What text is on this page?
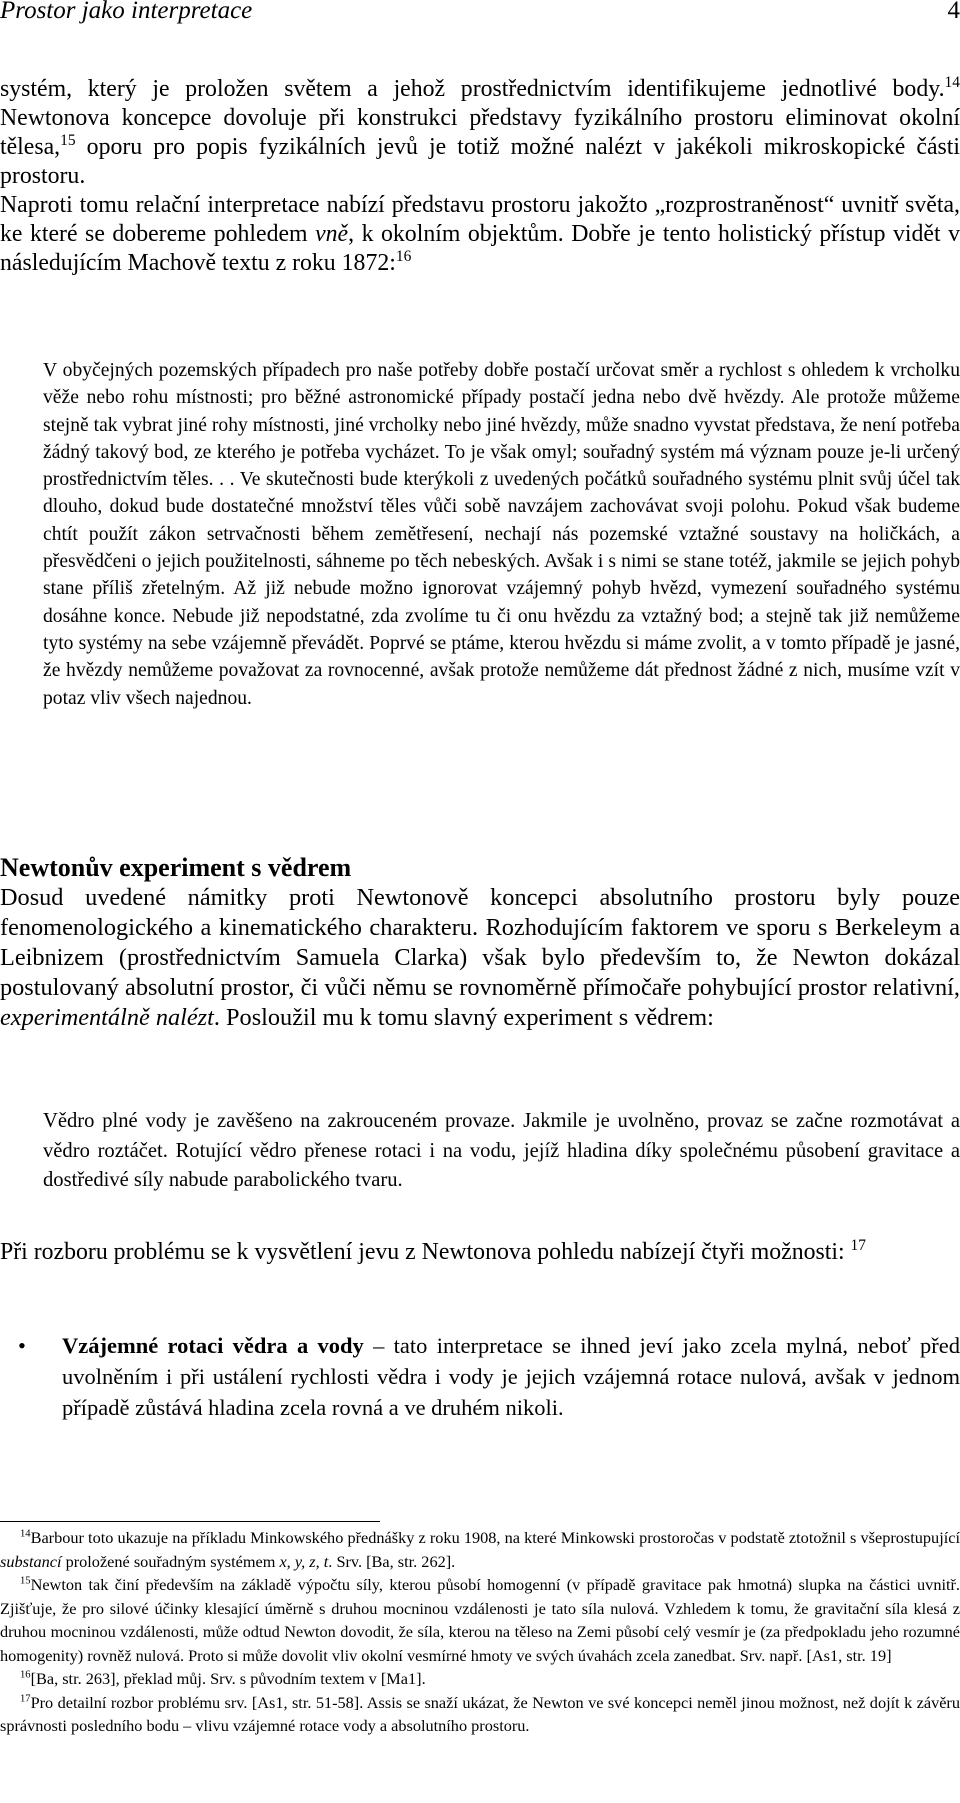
Prostor jako interpretace	4

systém, který je proložen světem a jehož prostřednictvím identifikujeme jednotlivé body.$^{14}$ Newtonova koncepce dovoluje při konstrukci představy fyzikálního prostoru eliminovat okolní tělesa,$^{15}$ oporu pro popis fyzikálních jevů je totiž možné nalézt v jakékoli mikroskopické části prostoru.

Naproti tomu relační interpretace nabízí představu prostoru jakožto „rozprostraněnost“ uvnitř světa, ke které se dobereme pohledem vně, k okolním objektům. Dobře je tento holistický přístup vidět v následujícím Machově textu z roku 1872:$^{16}$

V obyčejných pozemských případech pro naše potřeby dobře postačí určovat směr a rychlost s ohledem k vrcholku věže nebo rohu místnosti; pro běžné astronomické případy postačí jedna nebo dvě hvězdy. Ale protože můžeme stejně tak vybrat jiné rohy místnosti, jiné vrcholky nebo jiné hvězdy, může snadno vyvstat představa, že není potřeba žádný takový bod, ze kterého je potřeba vycházet. To je však omyl; souřadný systém má význam pouze je-li určený prostřednictvím těles. . . Ve skutečnosti bude kterýkoli z uvedených počátků souřadného systému plnit svůj účel tak dlouho, dokud bude dostatečné množství těles vůči sobě navzájem zachovávat svoji polohu. Pokud však budeme chtít použít zákon setrvačnosti během zemětřesení, nechají nás pozemské vztažné soustavy na holičkách, a přesvědčeni o jejich použitelnosti, sáhneme po těch nebeských. Avšak i s nimi se stane totéž, jakmile se jejich pohyb stane příliš zřetelným. Až již nebude možno ignorovat vzájemný pohyb hvězd, vymezení souřadného systému dosáhne konce. Nebude již nepodstatné, zda zvolíme tu či onu hvězdu za vztažný bod; a stejně tak již nemůžeme tyto systémy na sebe vzájemně převádět. Poprvé se ptáme, kterou hvězdu si máme zvolit, a v tomto případě je jasné, že hvězdy nemůžeme považovat za rovnocenné, avšak protože nemůžeme dát přednost žádné z nich, musíme vzít v potaz vliv všech najednou.
Newtonův experiment s vědrem

Dosud uvedené námitky proti Newtonově koncepci absolutního prostoru byly pouze fenomenologického a kinematického charakteru. Rozhodujícím faktorem ve sporu s Berkeleym a Leibnizem (prostřednictvím Samuela Clarka) však bylo především to, že Newton dokázal postulovaný absolutní prostor, či vůči němu se rovnoměrně přímočaře pohybující prostor relativní, experimentálně nalézt. Posloužil mu k tomu slavný experiment s vědrem:

Vědro plné vody je zavěšeno na zakrouceném provaze. Jakmile je uvolněno, provaz se začne rozmotávat a vědro roztáčet. Rotující vědro přenese rotaci i na vodu, jejíž hladina díky společnému působení gravitace a dostředivé síly nabude parabolického tvaru.

Při rozboru problému se k vysvětlení jevu z Newtonova pohledu nabízejí čtyři možnosti: $^{17}$

• Vzájemné rotaci vědra a vody – tato interpretace se ihned jeví jako zcela mylná, neboť před uvolněním i při ustálení rychlosti vědra i vody je jejich vzájemná rotace nulová, avšak v jednom případě zůstává hladina zcela rovná a ve druhém nikoli.

$^{14}$Barbour toto ukazuje na příkladu Minkowského přednášky z roku 1908, na které Minkowski prostoročas v podstatě ztotožnil s všeprostupující substancí proložené souřadným systémem x, y, z, t. Srv. [Ba, str. 262].

$^{15}$Newton tak činí především na základě výpočtu síly, kterou působí homogenní (v případě gravitace pak hmotná) slupka na částici uvnitř. Zjišťuje, že pro silové účinky klesající úměrně s druhou mocninou vzdálenosti je tato síla nulová. Vzhledem k tomu, že gravitační síla klesá z druhou mocninou vzdálenosti, může odtud Newton dovodit, že síla, kterou na těleso na Zemi působí celý vesmír je (za předpokladu jeho rozumné homogenity) rovněž nulová. Proto si může dovolit vliv okolní vesmírné hmoty ve svých úvahách zcela zanedbat. Srv. např. [As1, str. 19]

$^{16}$[Ba, str. 263], překlad můj. Srv. s původním textem v [Ma1].

$^{17}$Pro detailní rozbor problému srv. [As1, str. 51-58]. Assis se snaží ukázat, že Newton ve své koncepci neměl jinou možnost, než dojít k závěru správnosti posledního bodu – vlivu vzájemné rotace vody a absolutního prostoru.
